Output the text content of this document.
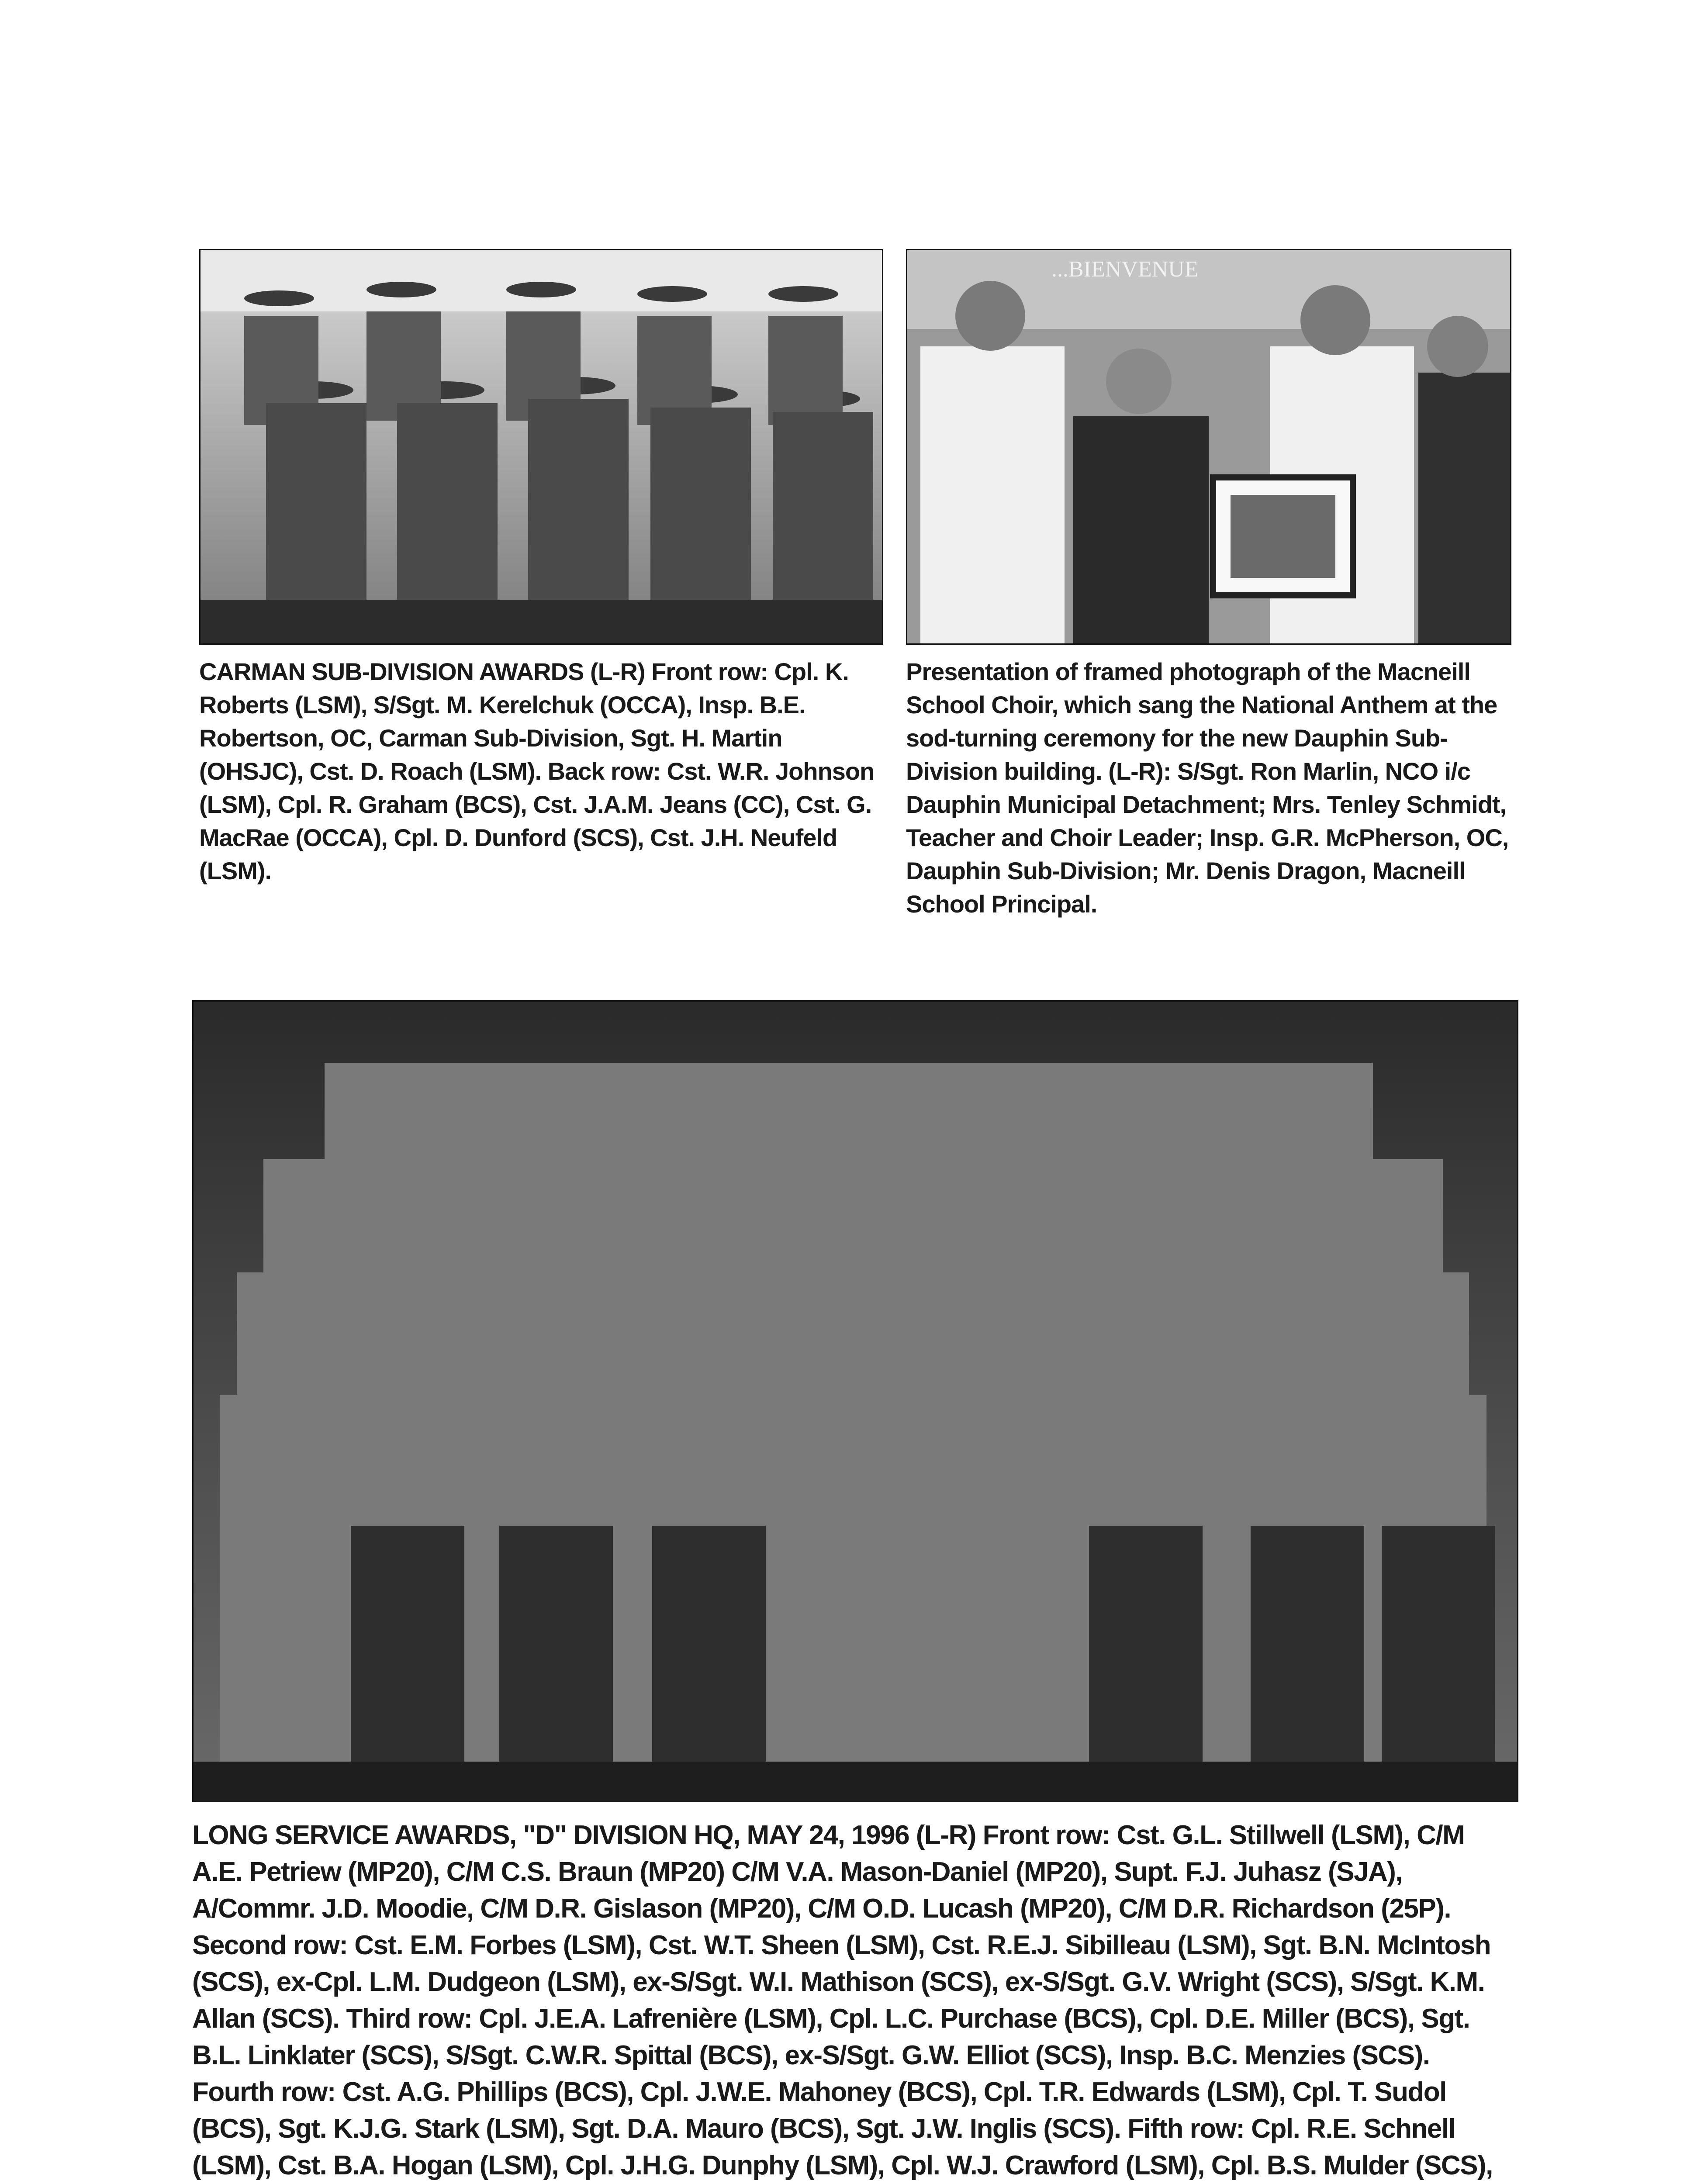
...BIENVENUE

CARMAN SUB-DIVISION AWARDS (L-R) Front row: Cpl. K. Roberts (LSM), S/Sgt. M. Kerelchuk (OCCA), Insp. B.E. Robertson, OC, Carman Sub-Division, Sgt. H. Martin (OHSJC), Cst. D. Roach (LSM). Back row: Cst. W.R. Johnson (LSM), Cpl. R. Graham (BCS), Cst. J.A.M. Jeans (CC), Cst. G. MacRae (OCCA), Cpl. D. Dunford (SCS), Cst. J.H. Neufeld (LSM).

Presentation of framed photograph of the Macneill School Choir, which sang the National Anthem at the sod-turning ceremony for the new Dauphin Sub-Division building. (L-R): S/Sgt. Ron Marlin, NCO i/c Dauphin Municipal Detachment; Mrs. Tenley Schmidt, Teacher and Choir Leader; Insp. G.R. McPherson, OC, Dauphin Sub-Division; Mr. Denis Dragon, Macneill School Principal.

LONG SERVICE AWARDS, "D" DIVISION HQ, MAY 24, 1996 (L-R) Front row: Cst. G.L. Stillwell (LSM), C/M A.E. Petriew (MP20), C/M C.S. Braun (MP20) C/M V.A. Mason-Daniel (MP20), Supt. F.J. Juhasz (SJA), A/Commr. J.D. Moodie, C/M D.R. Gislason (MP20), C/M O.D. Lucash (MP20), C/M D.R. Richardson (25P). Second row: Cst. E.M. Forbes (LSM), Cst. W.T. Sheen (LSM), Cst. R.E.J. Sibilleau (LSM), Sgt. B.N. McIntosh (SCS), ex-Cpl. L.M. Dudgeon (LSM), ex-S/Sgt. W.I. Mathison (SCS), ex-S/Sgt. G.V. Wright (SCS), S/Sgt. K.M. Allan (SCS). Third row: Cpl. J.E.A. Lafrenière (LSM), Cpl. L.C. Purchase (BCS), Cpl. D.E. Miller (BCS), Sgt. B.L. Linklater (SCS), S/Sgt. C.W.R. Spittal (BCS), ex-S/Sgt. G.W. Elliot (SCS), Insp. B.C. Menzies (SCS). Fourth row: Cst. A.G. Phillips (BCS), Cpl. J.W.E. Mahoney (BCS), Cpl. T.R. Edwards (LSM), Cpl. T. Sudol (BCS), Sgt. K.J.G. Stark (LSM), Sgt. D.A. Mauro (BCS), Sgt. J.W. Inglis (SCS). Fifth row: Cpl. R.E. Schnell (LSM), Cst. B.A. Hogan (LSM), Cpl. J.H.G. Dunphy (LSM), Cpl. W.J. Crawford (LSM), Cpl. B.S. Mulder (SCS),
